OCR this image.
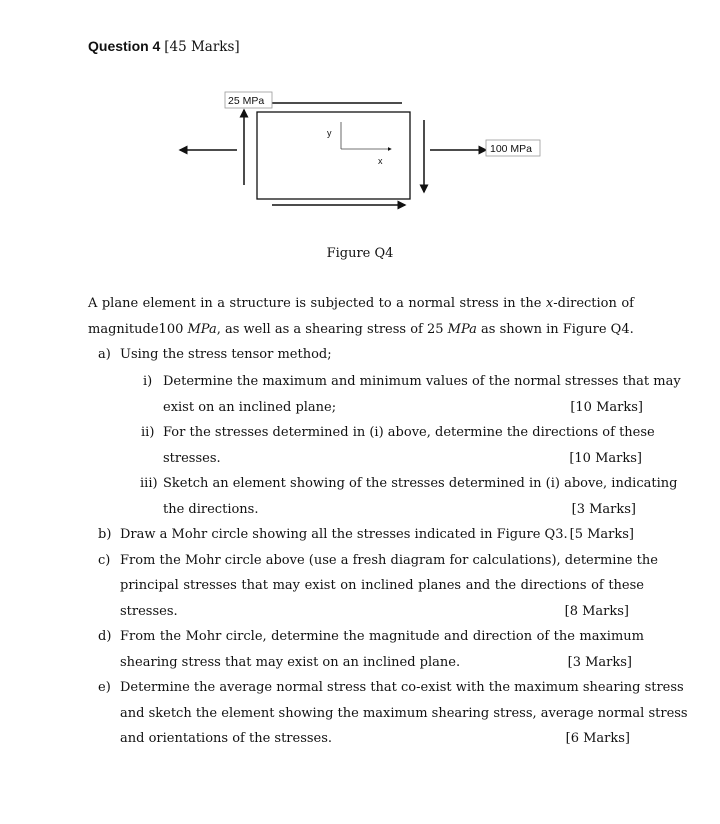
Question 4 [45 Marks]
25 MPa
100 MPa
y
x
Figure Q4
A plane element in a structure is subjected to a normal stress in the x-direction of
magnitude100 MPa, as well as a shearing stress of 25 MPa as shown in Figure Q4.
a) Using the stress tensor method;
i) Determine the maximum and minimum values of the normal stresses that may
exist on an inclined plane;	[10 Marks]
ii) For the stresses determined in (i) above, determine the directions of these
stresses.	[10 Marks]
iii) Sketch an element showing of the stresses determined in (i) above, indicating
the directions.	[3 Marks]
b) Draw a Mohr circle showing all the stresses indicated in Figure Q3. [5 Marks]
c) From the Mohr circle above (use a fresh diagram for calculations), determine the
principal stresses that may exist on inclined planes and the directions of these
stresses.	[8 Marks]
d) From the Mohr circle, determine the magnitude and direction of the maximum
shearing stress that may exist on an inclined plane.	[3 Marks]
e) Determine the average normal stress that co-exist with the maximum shearing stress
and sketch the element showing the maximum shearing stress, average normal stress
and orientations of the stresses.	[6 Marks]
